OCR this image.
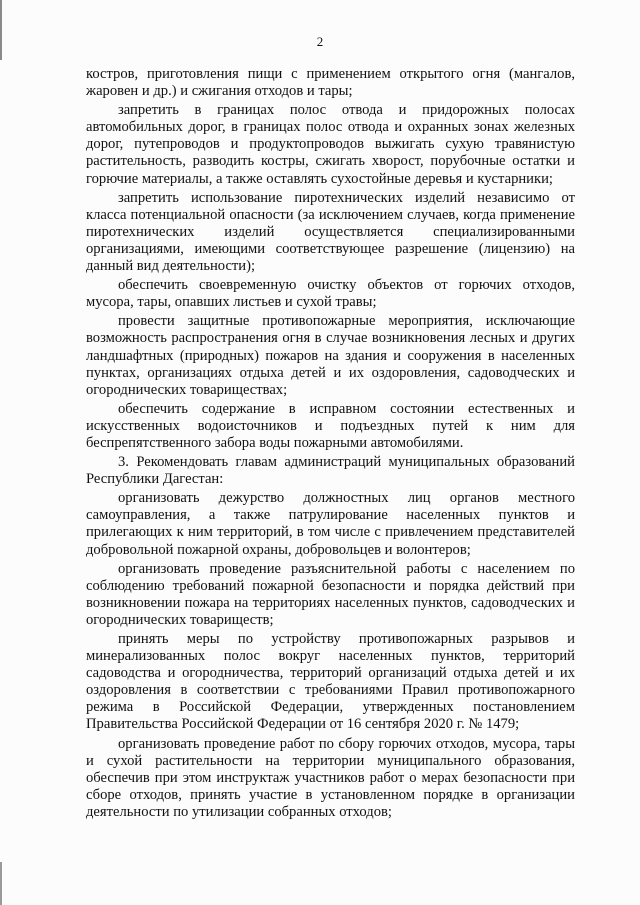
2

костров, приготовления пищи с применением открытого огня (мангалов, жаровен и др.) и сжигания отходов и тары;

запретить в границах полос отвода и придорожных полосах автомобильных дорог, в границах полос отвода и охранных зонах железных дорог, путепроводов и продуктопроводов выжигать сухую травянистую растительность, разводить костры, сжигать хворост, порубочные остатки и горючие материалы, а также оставлять сухостойные деревья и кустарники;

запретить использование пиротехнических изделий независимо от класса потенциальной опасности (за исключением случаев, когда применение пиротехнических изделий осуществляется специализированными организациями, имеющими соответствующее разрешение (лицензию) на данный вид деятельности);

обеспечить своевременную очистку объектов от горючих отходов, мусора, тары, опавших листьев и сухой травы;

провести защитные противопожарные мероприятия, исключающие возможность распространения огня в случае возникновения лесных и других ландшафтных (природных) пожаров на здания и сооружения в населенных пунктах, организациях отдыха детей и их оздоровления, садоводческих и огороднических товариществах;

обеспечить содержание в исправном состоянии естественных и искусственных водоисточников и подъездных путей к ним для беспрепятственного забора воды пожарными автомобилями.

3. Рекомендовать главам администраций муниципальных образований Республики Дагестан:

организовать дежурство должностных лиц органов местного самоуправления, а также патрулирование населенных пунктов и прилегающих к ним территорий, в том числе с привлечением представителей добровольной пожарной охраны, добровольцев и волонтеров;

организовать проведение разъяснительной работы с населением по соблюдению требований пожарной безопасности и порядка действий при возникновении пожара на территориях населенных пунктов, садоводческих и огороднических товариществ;

принять меры по устройству противопожарных разрывов и минерализованных полос вокруг населенных пунктов, территорий садоводства и огородничества, территорий организаций отдыха детей и их оздоровления в соответствии с требованиями Правил противопожарного режима в Российской Федерации, утвержденных постановлением Правительства Российской Федерации от 16 сентября 2020 г. № 1479;

организовать проведение работ по сбору горючих отходов, мусора, тары и сухой растительности на территории муниципального образования, обеспечив при этом инструктаж участников работ о мерах безопасности при сборе отходов, принять участие в установленном порядке в организации деятельности по утилизации собранных отходов;
